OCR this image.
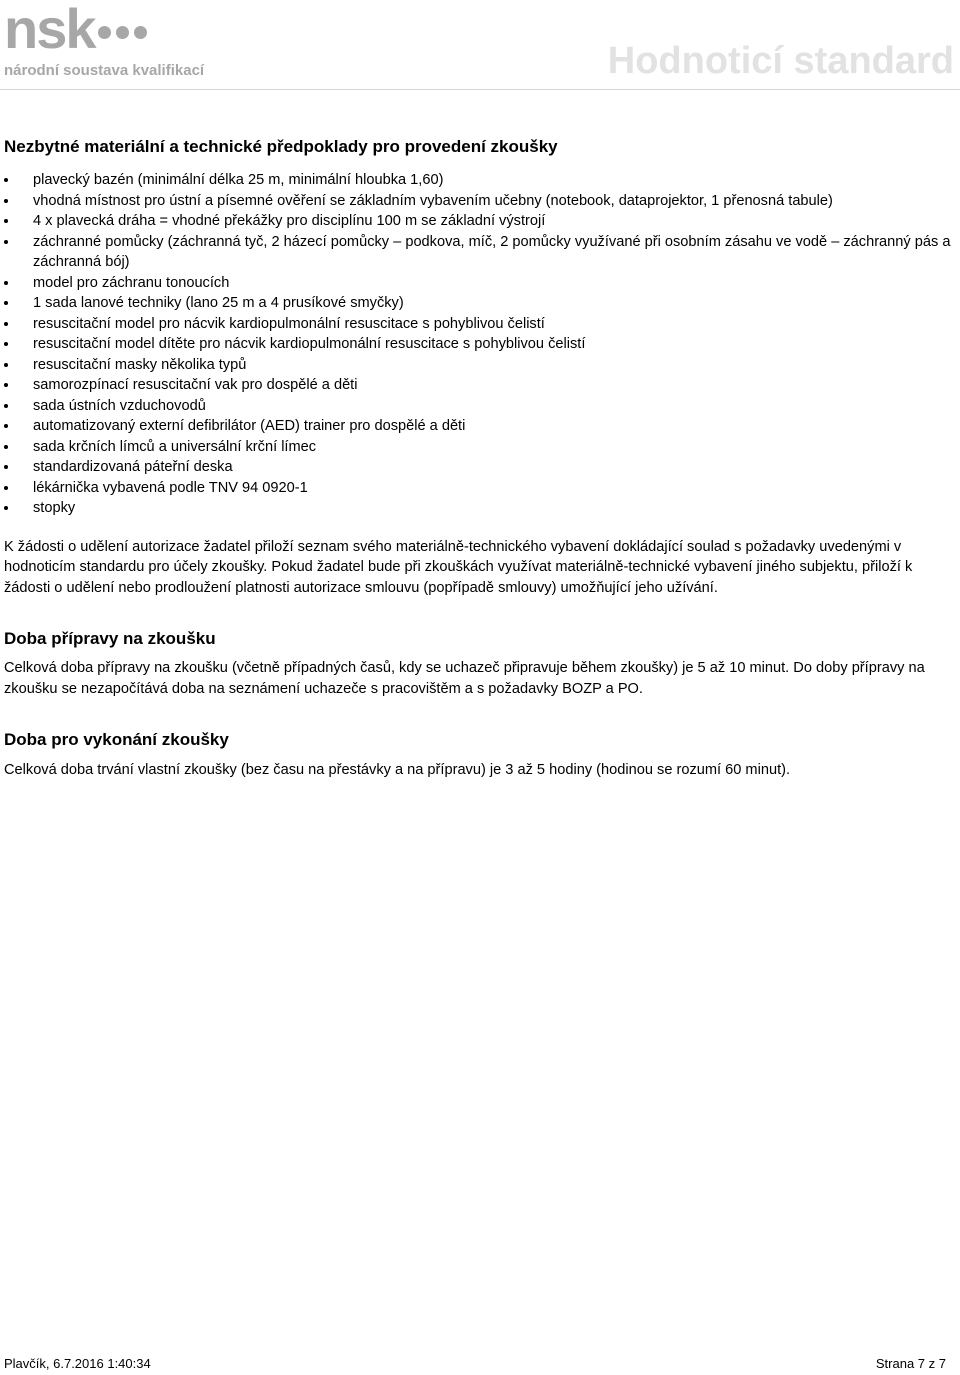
nsk
národní soustava kvalifikací	Hodnoticí standard
Nezbytné materiální a technické předpoklady pro provedení zkoušky
plavecký bazén (minimální délka 25 m, minimální hloubka 1,60)
vhodná místnost pro ústní a písemné ověření se základním vybavením učebny (notebook, dataprojektor, 1 přenosná tabule)
4 x plavecká dráha = vhodné překážky pro disciplínu 100 m se základní výstrojí
záchranné pomůcky (záchranná tyč, 2 házecí pomůcky – podkova, míč, 2 pomůcky využívané při osobním zásahu ve vodě – záchranný pás a záchranná bój)
model pro záchranu tonoucích
1 sada lanové techniky (lano 25 m a 4 prusíkové smyčky)
resuscitační model pro nácvik kardiopulmonální resuscitace s pohyblivou čelistí
resuscitační model dítěte pro nácvik kardiopulmonální resuscitace s pohyblivou čelistí
resuscitační masky několika typů
samorozpínací resuscitační vak pro dospělé a děti
sada ústních vzduchovodů
automatizovaný externí defibrilátor (AED) trainer pro dospělé a děti
sada krčních límců a universální krční límec
standardizovaná páteřní deska
lékárnička vybavená podle TNV 94 0920-1
stopky

K žádosti o udělení autorizace žadatel přiloží seznam svého materiálně-technického vybavení dokládající soulad s požadavky uvedenými v hodnoticím standardu pro účely zkoušky. Pokud žadatel bude při zkouškách využívat materiálně-technické vybavení jiného subjektu, přiloží k žádosti o udělení nebo prodloužení platnosti autorizace smlouvu (popřípadě smlouvy) umožňující jeho užívání.

Doba přípravy na zkoušku

Celková doba přípravy na zkoušku (včetně případných časů, kdy se uchazeč připravuje během zkoušky) je 5 až 10 minut. Do doby přípravy na zkoušku se nezapočítává doba na seznámení uchazeče s pracovištěm a s požadavky BOZP a PO.

Doba pro vykonání zkoušky

Celková doba trvání vlastní zkoušky (bez času na přestávky a na přípravu) je 3 až 5 hodiny (hodinou se rozumí 60 minut).

Plavčík, 6.7.2016 1:40:34	Strana 7 z 7
